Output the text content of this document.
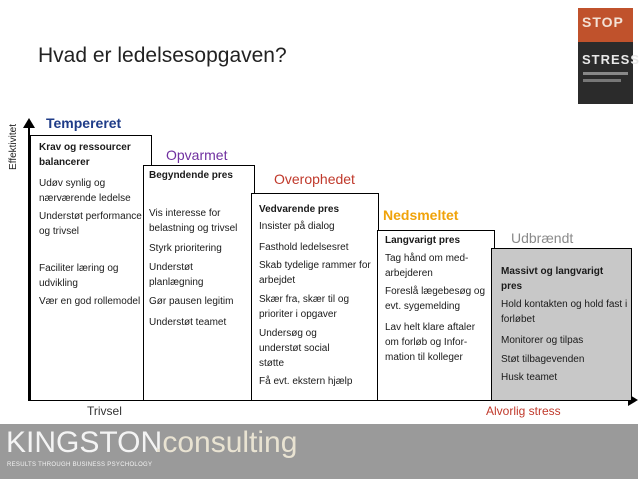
Hvad er ledelsesopgaven?
STOP
STRESS
Effektivitet
Trivsel	Alvorlig stress
Tempereret
Opvarmet
Overophedet
Nedsmeltet
Udbrændt
Krav og ressourcer balancerer
Udøv synlig og nærværende ledelse
Understøt performance og trivsel
Faciliter læring og udvikling
Vær en god rollemodel
Begyndende pres
Vis interesse for belastning og trivsel
Styrk prioritering
Understøt planlægning
Gør pausen legitim
Understøt teamet
Vedvarende pres
Insister på dialog
Fasthold ledelsesret
Skab tydelige rammer for arbejdet
Skær fra, skær til og prioriter i opgaver
Undersøg og understøt social støtte
Få evt. ekstern hjælp
Langvarigt pres
Tag hånd om med-arbejderen
Foreslå lægebesøg og evt. sygemelding
Lav helt klare aftaler om forløb og Infor-mation til kolleger
Massivt og langvarigt pres
Hold kontakten og hold fast i forløbet
Monitorer og tilpas
Støt tilbagevenden
Husk teamet
KINGSTON
.consulting
RESULTS THROUGH BUSINESS PSYCHOLOGY
